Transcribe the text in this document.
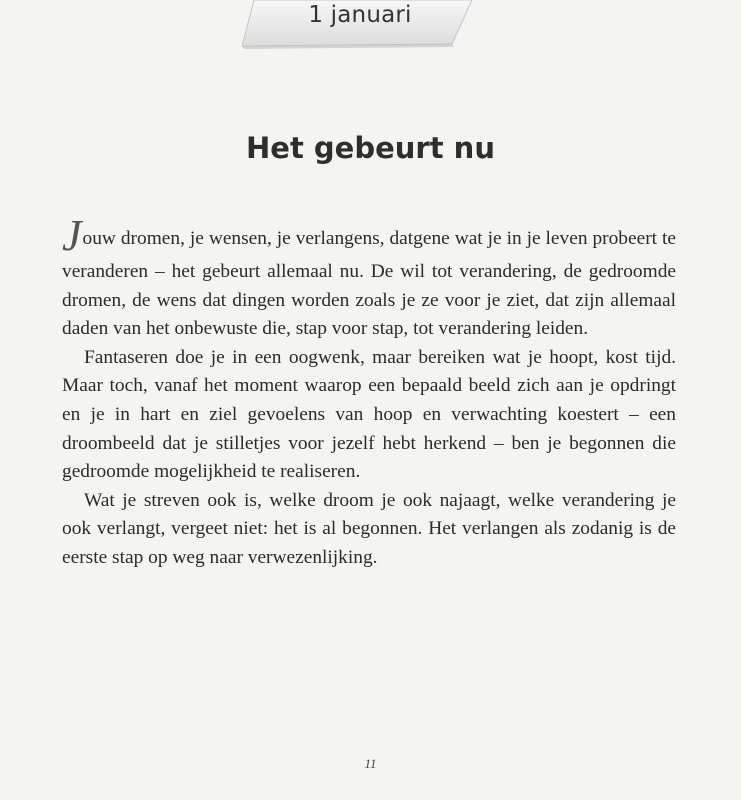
1 januari
Het gebeurt nu

Jouw dromen, je wensen, je verlangens, datgene wat je in je leven probeert te veranderen – het gebeurt allemaal nu. De wil tot verandering, de gedroomde dromen, de wens dat dingen worden zoals je ze voor je ziet, dat zijn allemaal daden van het onbewuste die, stap voor stap, tot verandering leiden.

Fantaseren doe je in een oogwenk, maar bereiken wat je hoopt, kost tijd. Maar toch, vanaf het moment waarop een bepaald beeld zich aan je opdringt en je in hart en ziel gevoelens van hoop en verwachting koestert – een droombeeld dat je stilletjes voor jezelf hebt herkend – ben je begonnen die gedroomde mogelijkheid te realiseren.

Wat je streven ook is, welke droom je ook najaagt, welke verandering je ook verlangt, vergeet niet: het is al begonnen. Het verlangen als zodanig is de eerste stap op weg naar verwezenlijking.

11
